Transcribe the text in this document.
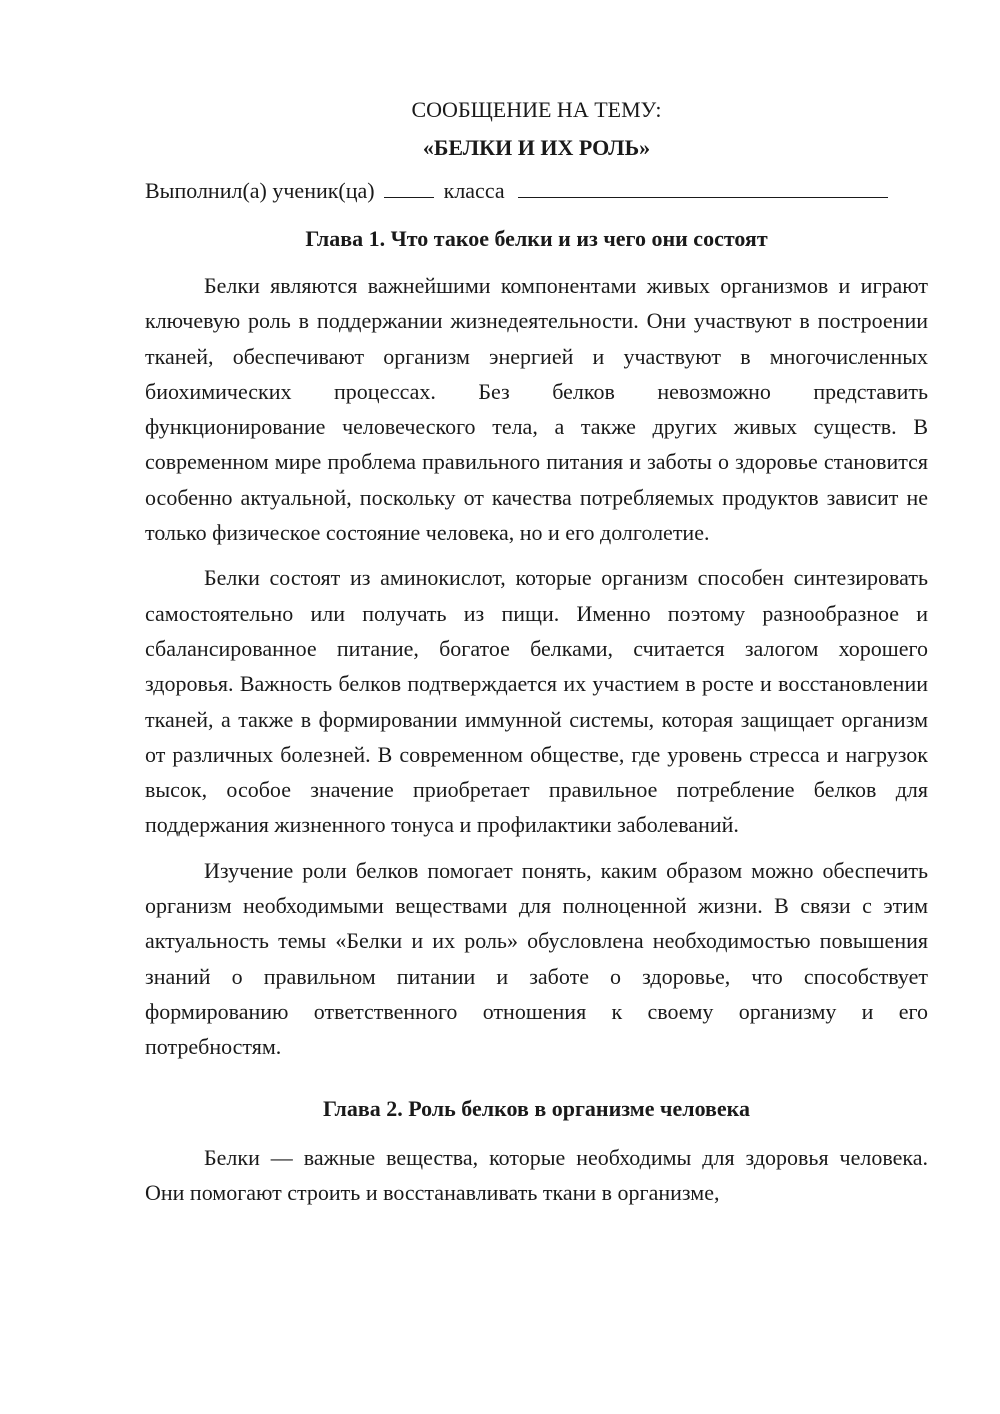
СООБЩЕНИЕ НА ТЕМУ:
«БЕЛКИ И ИХ РОЛЬ»
Выполнил(а) ученик(ца)	класса
Глава 1. Что такое белки и из чего они состоят

Белки являются важнейшими компонентами живых организмов и играют ключевую роль в поддержании жизнедеятельности. Они участвуют в построении тканей, обеспечивают организм энергией и участвуют в многочисленных биохимических процессах. Без белков невозможно представить функционирование человеческого тела, а также других живых существ. В современном мире проблема правильного питания и заботы о здоровье становится особенно актуальной, поскольку от качества потребляемых продуктов зависит не только физическое состояние человека, но и его долголетие.

Белки состоят из аминокислот, которые организм способен синтезировать самостоятельно или получать из пищи. Именно поэтому разнообразное и сбалансированное питание, богатое белками, считается залогом хорошего здоровья. Важность белков подтверждается их участием в росте и восстановлении тканей, а также в формировании иммунной системы, которая защищает организм от различных болезней. В современном обществе, где уровень стресса и нагрузок высок, особое значение приобретает правильное потребление белков для поддержания жизненного тонуса и профилактики заболеваний.

Изучение роли белков помогает понять, каким образом можно обеспечить организм необходимыми веществами для полноценной жизни. В связи с этим актуальность темы «Белки и их роль» обусловлена необходимостью повышения знаний о правильном питании и заботе о здоровье, что способствует формированию ответственного отношения к своему организму и его потребностям.

Глава 2. Роль белков в организме человека

Белки — важные вещества, которые необходимы для здоровья человека. Они помогают строить и восстанавливать ткани в организме,
